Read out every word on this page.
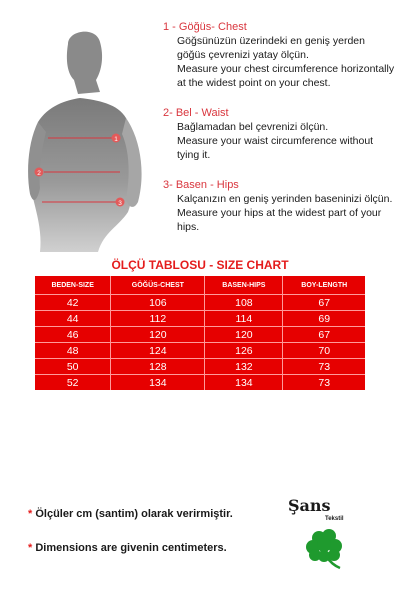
1
2
3
1 - Göğüs- Chest
Göğsünüzün üzerindeki en geniş yerden göğüs çevrenizi yatay ölçün.
Measure your chest circumference horizontally at the widest point on your chest.
2- Bel - Waist
Bağlamadan bel çevrenizi ölçün.
Measure your waist circumference without tying it.
3- Basen - Hips
Kalçanızın en geniş yerinden baseninizi ölçün.
Measure your hips at the widest part of your hips.
ÖLÇÜ TABLOSU - SIZE CHART
BEDEN-SIZE	GÖĞÜS-CHEST	BASEN-HIPS	BOY-LENGTH
42	106	108	67
44	112	114	69
46	120	120	67
48	124	126	70
50	128	132	73
52	134	134	73
* Ölçüler cm (santim) olarak verirmiştir.
* Dimensions are givenin centimeters.
Şans
Tekstil
